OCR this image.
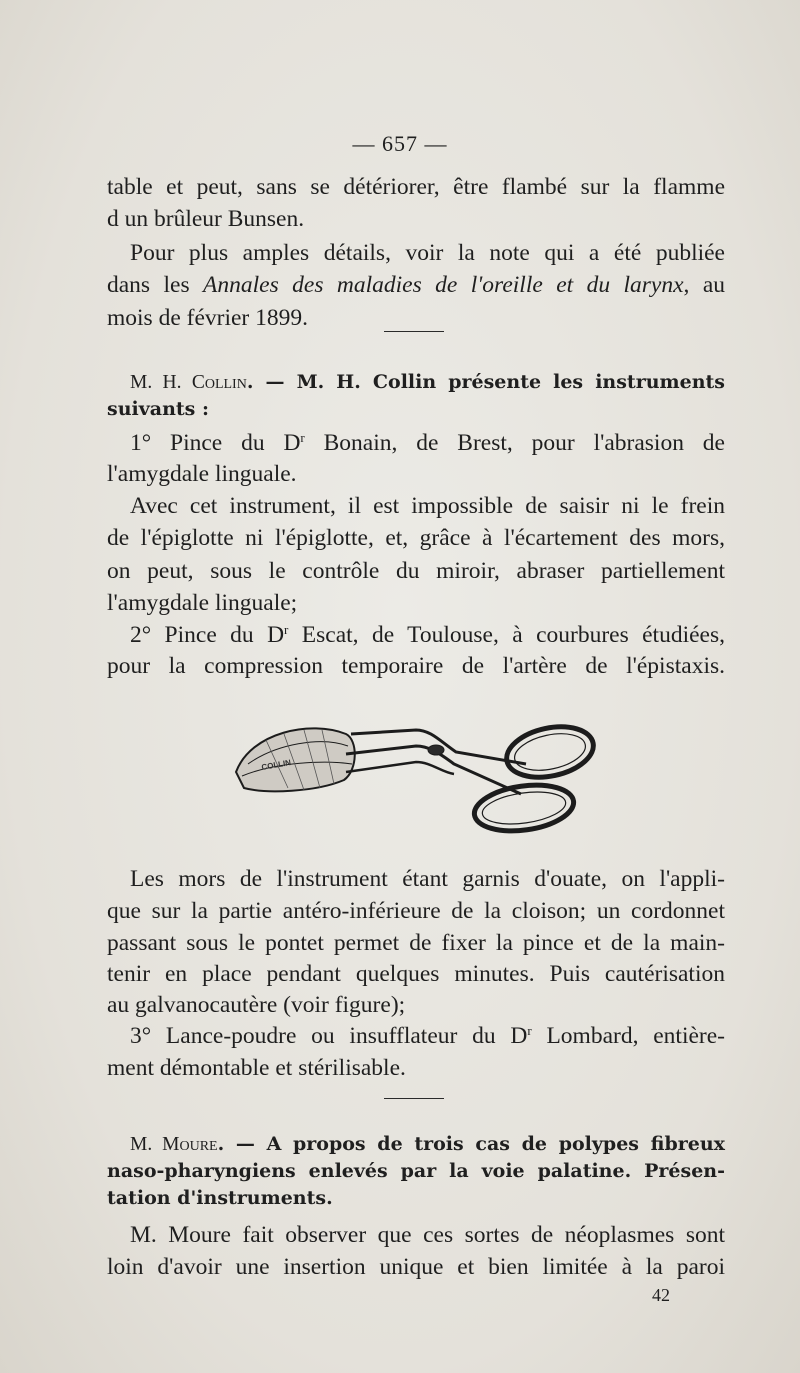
— 657 —
table et peut, sans se détériorer, être flambé sur la flamme
d un brûleur Bunsen.
Pour plus amples détails, voir la note qui a été publiée
dans les Annales des maladies de l'oreille et du larynx, au
mois de février 1899.
M. H. Collin. — M. H. Collin présente les instruments
suivants :
1° Pince du $D^r$ Bonain, de Brest, pour l'abrasion de
l'amygdale linguale.
Avec cet instrument, il est impossible de saisir ni le frein
de l'épiglotte ni l'épiglotte, et, grâce à l'écartement des mors,
on peut, sous le contrôle du miroir, abraser partiellement
l'amygdale linguale;
2° Pince du $D^r$ Escat, de Toulouse, à courbures étudiées,
pour la compression temporaire de l'artère de l'épistaxis.
COLLIN
Les mors de l'instrument étant garnis d'ouate, on l'appli-
que sur la partie antéro-inférieure de la cloison; un cordonnet
passant sous le pontet permet de fixer la pince et de la main-
tenir en place pendant quelques minutes. Puis cautérisation
au galvanocautère (voir figure);
3° Lance-poudre ou insufflateur du $D^r$ Lombard, entière-
ment démontable et stérilisable.
M. Moure. — A propos de trois cas de polypes fibreux
naso-pharyngiens enlevés par la voie palatine. Présen-
tation d'instruments.
M. Moure fait observer que ces sortes de néoplasmes sont
loin d'avoir une insertion unique et bien limitée à la paroi
42
